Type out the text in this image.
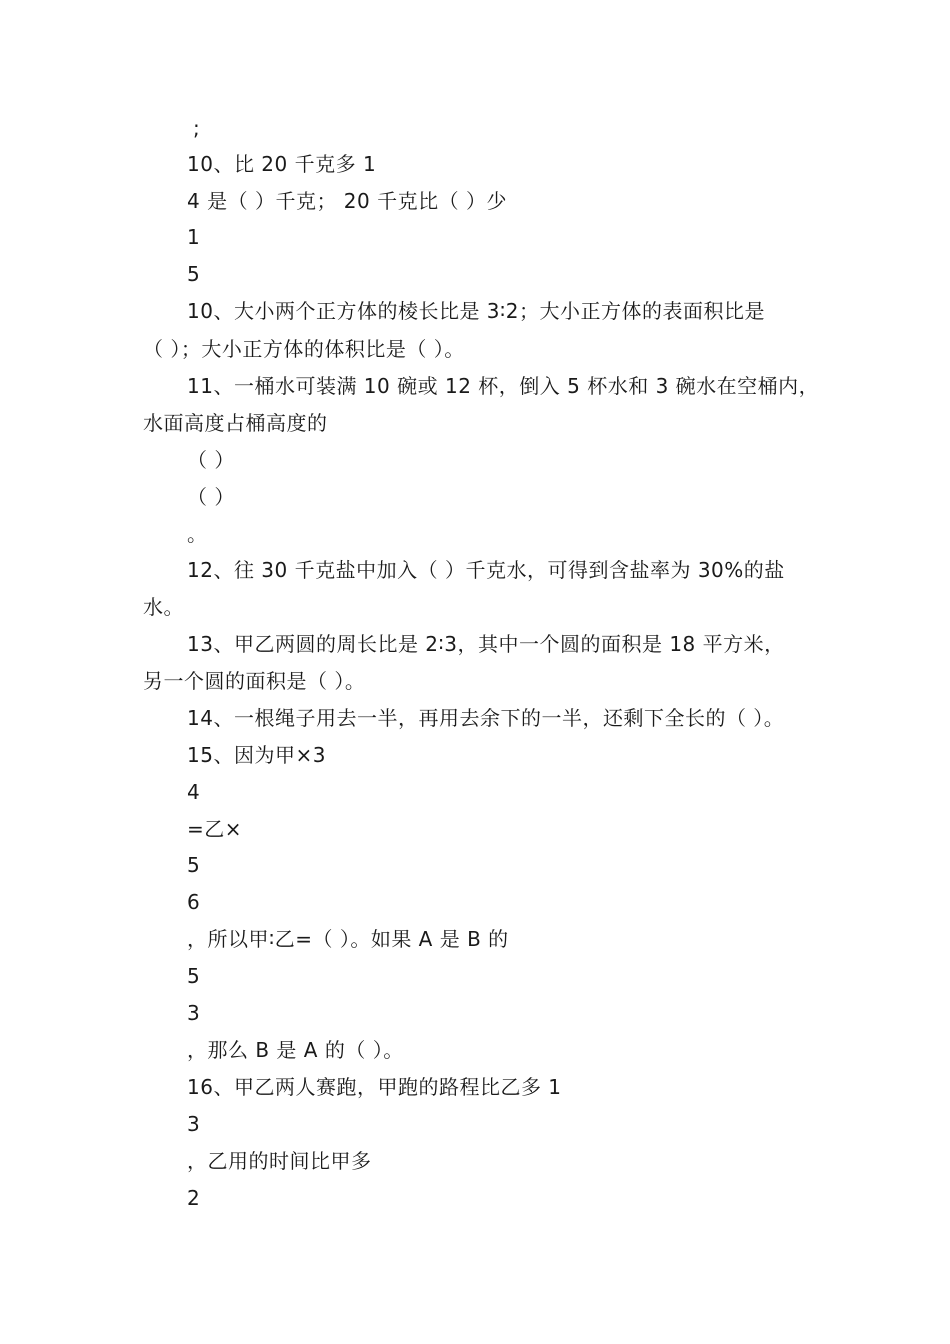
;
10、比 20 千克多 1
4 是（ ）千克； 20 千克比（ ）少
1
5
10、大小两个正方体的棱长比是 3∶2；大小正方体的表面积比是
（ ）；大小正方体的体积比是（ ）。
11、一桶水可装满 10 碗或 12 杯，倒入 5 杯水和 3 碗水在空桶内，
水面高度占桶高度的
（ ）
（ ）
。
12、往 30 千克盐中加入（ ）千克水，可得到含盐率为 30%的盐
水。
13、甲乙两圆的周长比是 2∶3，其中一个圆的面积是 18 平方米，
另一个圆的面积是（ ）。
14、一根绳子用去一半，再用去余下的一半，还剩下全长的（ ）。
15、因为甲×3
4
=乙×
5
6
，所以甲∶乙=（ ）。如果 A 是 B 的
5
3
，那么 B 是 A 的（ ）。
16、甲乙两人赛跑，甲跑的路程比乙多 1
3
，乙用的时间比甲多
2
